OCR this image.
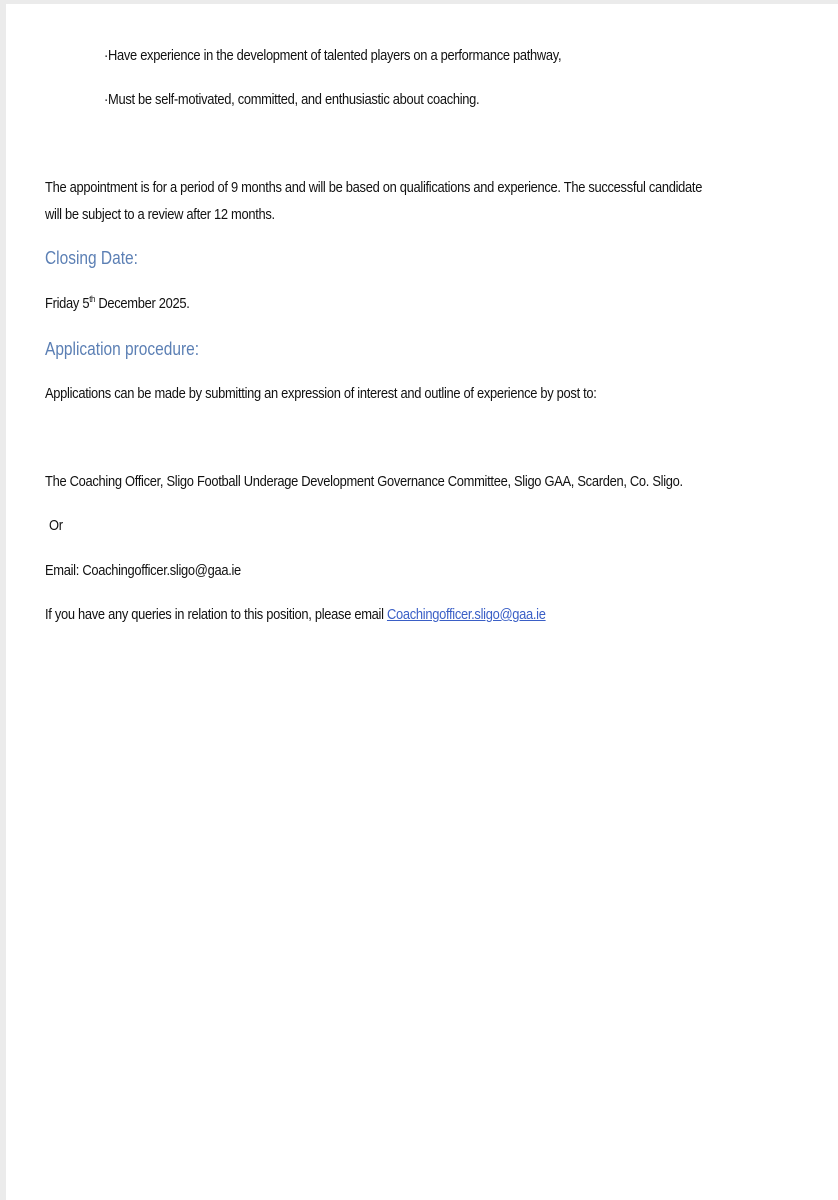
·Have experience in the development of talented players on a performance pathway,
·Must be self-motivated, committed, and enthusiastic about coaching.
The appointment is for a period of 9 months and will be based on qualifications and experience. The successful candidate
will be subject to a review after 12 months.
Closing Date:
Friday 5th December 2025.
Application procedure:
Applications can be made by submitting an expression of interest and outline of experience by post to:
The Coaching Officer, Sligo Football Underage Development Governance Committee, Sligo GAA, Scarden, Co. Sligo.
Or
Email: Coachingofficer.sligo@gaa.ie
If you have any queries in relation to this position, please email Coachingofficer.sligo@gaa.ie
